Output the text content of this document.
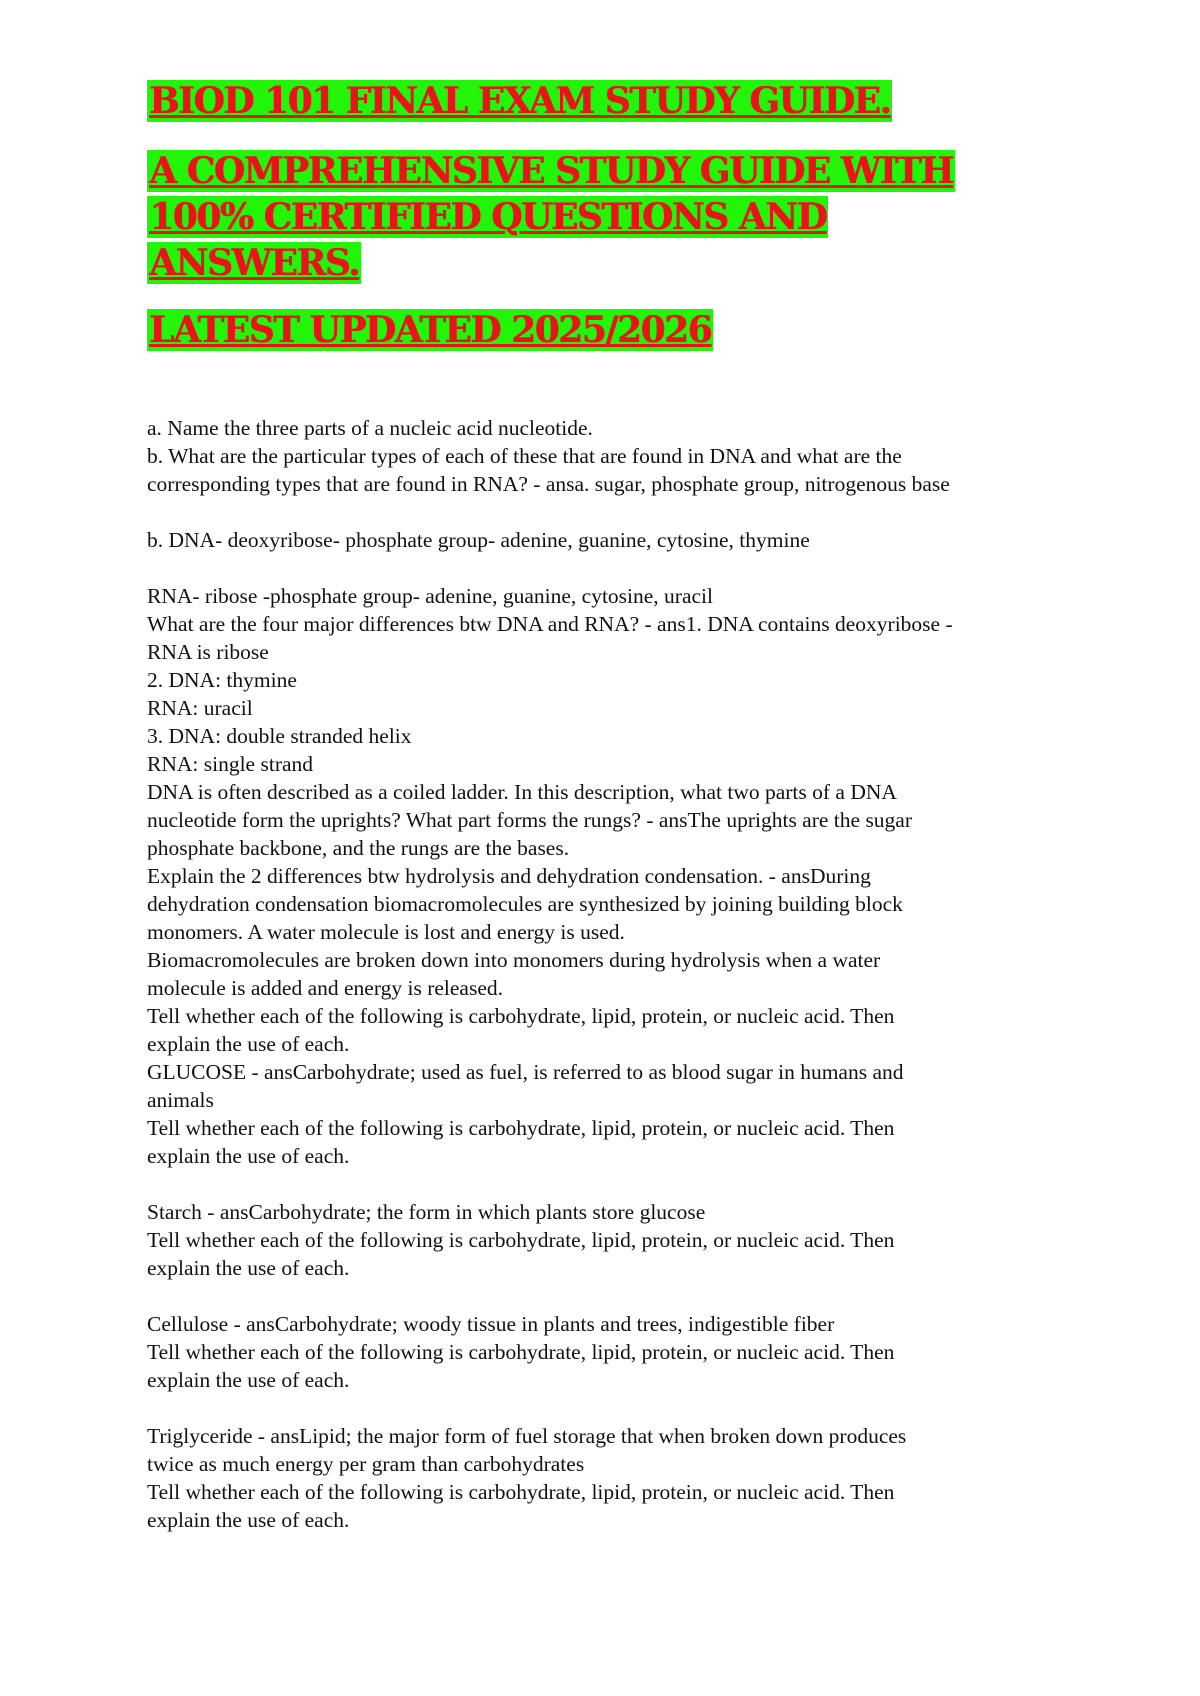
BIOD 101 FINAL EXAM STUDY GUIDE.

A COMPREHENSIVE STUDY GUIDE WITH 100% CERTIFIED QUESTIONS AND ANSWERS.

LATEST UPDATED 2025/2026

a. Name the three parts of a nucleic acid nucleotide.
b. What are the particular types of each of these that are found in DNA and what are the
corresponding types that are found in RNA? - ansa. sugar, phosphate group, nitrogenous base
b. DNA- deoxyribose- phosphate group- adenine, guanine, cytosine, thymine
RNA- ribose -phosphate group- adenine, guanine, cytosine, uracil
What are the four major differences btw DNA and RNA? - ans1. DNA contains deoxyribose -
RNA is ribose
2. DNA: thymine
RNA: uracil
3. DNA: double stranded helix
RNA: single strand
DNA is often described as a coiled ladder. In this description, what two parts of a DNA
nucleotide form the uprights? What part forms the rungs? - ansThe uprights are the sugar
phosphate backbone, and the rungs are the bases.
Explain the 2 differences btw hydrolysis and dehydration condensation. - ansDuring
dehydration condensation biomacromolecules are synthesized by joining building block
monomers. A water molecule is lost and energy is used.
Biomacromolecules are broken down into monomers during hydrolysis when a water
molecule is added and energy is released.
Tell whether each of the following is carbohydrate, lipid, protein, or nucleic acid. Then
explain the use of each.
GLUCOSE - ansCarbohydrate; used as fuel, is referred to as blood sugar in humans and
animals
Tell whether each of the following is carbohydrate, lipid, protein, or nucleic acid. Then
explain the use of each.
Starch - ansCarbohydrate; the form in which plants store glucose
Tell whether each of the following is carbohydrate, lipid, protein, or nucleic acid. Then
explain the use of each.
Cellulose - ansCarbohydrate; woody tissue in plants and trees, indigestible fiber
Tell whether each of the following is carbohydrate, lipid, protein, or nucleic acid. Then
explain the use of each.
Triglyceride - ansLipid; the major form of fuel storage that when broken down produces
twice as much energy per gram than carbohydrates
Tell whether each of the following is carbohydrate, lipid, protein, or nucleic acid. Then
explain the use of each.
